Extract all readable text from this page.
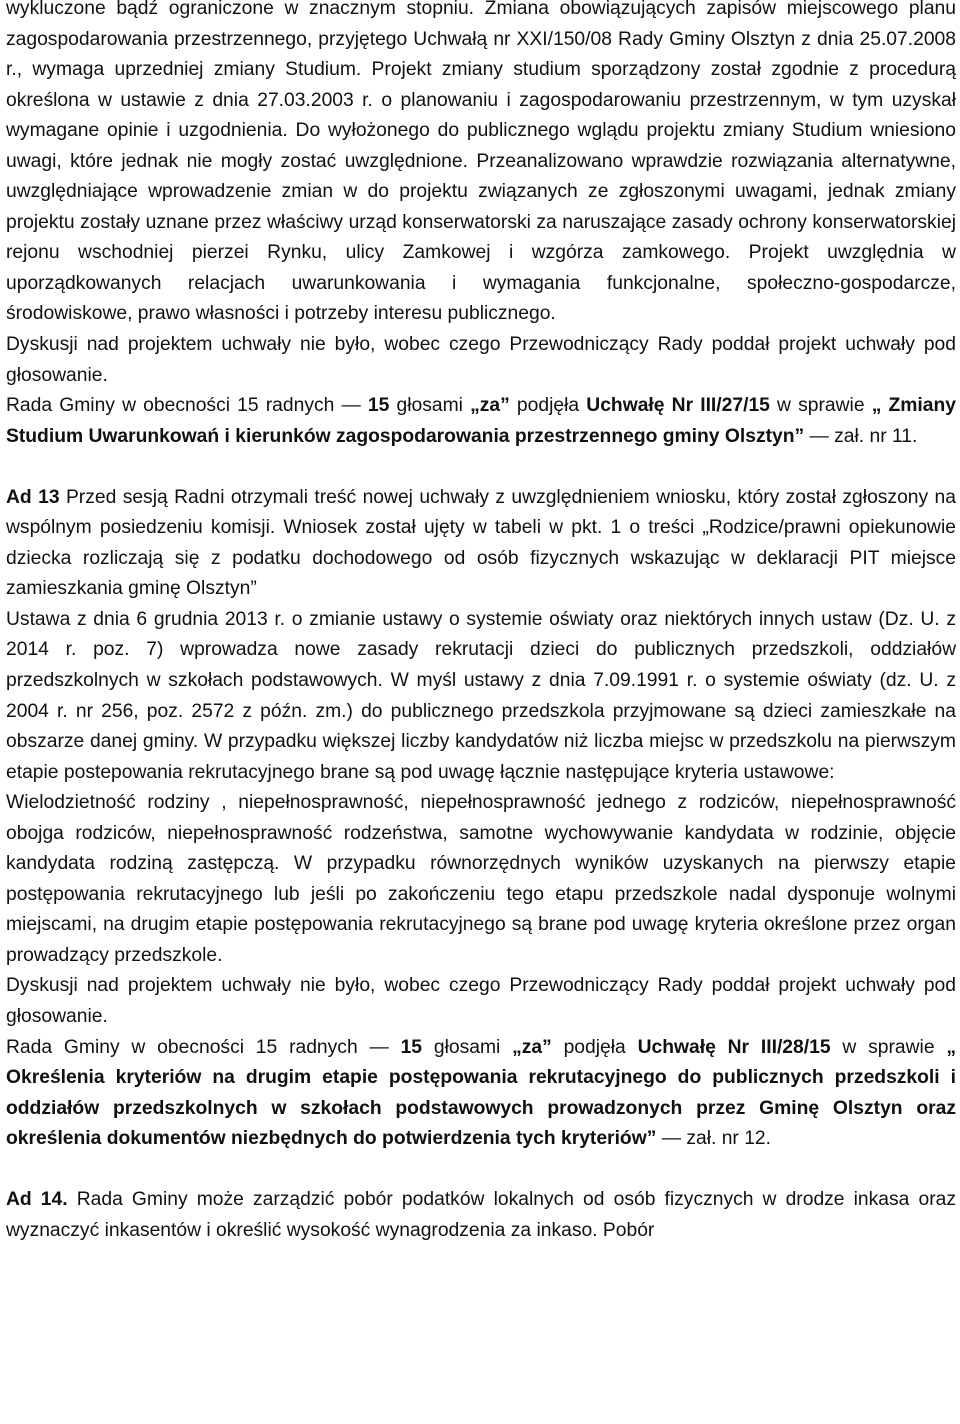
wykluczone bądź ograniczone w znacznym stopniu. Zmiana obowiązujących zapisów miejscowego planu zagospodarowania przestrzennego, przyjętego Uchwałą nr XXI/150/08 Rady Gminy Olsztyn z dnia 25.07.2008 r., wymaga uprzedniej zmiany Studium. Projekt zmiany studium sporządzony został zgodnie z procedurą określona w ustawie z dnia 27.03.2003 r. o planowaniu i zagospodarowaniu przestrzennym, w tym uzyskał wymagane opinie i uzgodnienia. Do wyłożonego do publicznego wglądu projektu zmiany Studium wniesiono uwagi, które jednak nie mogły zostać uwzględnione. Przeanalizowano wprawdzie rozwiązania alternatywne, uwzględniające wprowadzenie zmian w do projektu związanych ze zgłoszonymi uwagami, jednak zmiany projektu zostały uznane przez właściwy urząd konserwatorski za naruszające zasady ochrony konserwatorskiej rejonu wschodniej pierzei Rynku, ulicy Zamkowej i wzgórza zamkowego. Projekt uwzględnia w uporządkowanych relacjach uwarunkowania i wymagania funkcjonalne, społeczno-gospodarcze, środowiskowe, prawo własności i potrzeby interesu publicznego.

Dyskusji nad projektem uchwały nie było, wobec czego Przewodniczący Rady poddał projekt uchwały pod głosowanie.

Rada Gminy w obecności 15 radnych — 15 głosami „za” podjęła Uchwałę Nr III/27/15 w sprawie „ Zmiany Studium Uwarunkowań i kierunków zagospodarowania przestrzennego gminy Olsztyn” — zał. nr 11.

Ad 13 Przed sesją Radni otrzymali treść nowej uchwały z uwzględnieniem wniosku, który został zgłoszony na wspólnym posiedzeniu komisji. Wniosek został ujęty w tabeli w pkt. 1 o treści „Rodzice/prawni opiekunowie dziecka rozliczają się z podatku dochodowego od osób fizycznych wskazując w deklaracji PIT miejsce zamieszkania gminę Olsztyn”

Ustawa z dnia 6 grudnia 2013 r. o zmianie ustawy o systemie oświaty oraz niektórych innych ustaw (Dz. U. z 2014 r. poz. 7) wprowadza nowe zasady rekrutacji dzieci do publicznych przedszkoli, oddziałów przedszkolnych w szkołach podstawowych. W myśl ustawy z dnia 7.09.1991 r. o systemie oświaty (dz. U. z 2004 r. nr 256, poz. 2572 z późn. zm.) do publicznego przedszkola przyjmowane są dzieci zamieszkałe na obszarze danej gminy. W przypadku większej liczby kandydatów niż liczba miejsc w przedszkolu na pierwszym etapie postepowania rekrutacyjnego brane są pod uwagę łącznie następujące kryteria ustawowe:

Wielodzietność rodziny , niepełnosprawność, niepełnosprawność jednego z rodziców, niepełnosprawność obojga rodziców, niepełnosprawność rodzeństwa, samotne wychowywanie kandydata w rodzinie, objęcie kandydata rodziną zastępczą. W przypadku równorzędnych wyników uzyskanych na pierwszy etapie postępowania rekrutacyjnego lub jeśli po zakończeniu tego etapu przedszkole nadal dysponuje wolnymi miejscami, na drugim etapie postępowania rekrutacyjnego są brane pod uwagę kryteria określone przez organ prowadzący przedszkole.

Dyskusji nad projektem uchwały nie było, wobec czego Przewodniczący Rady poddał projekt uchwały pod głosowanie.

Rada Gminy w obecności 15 radnych — 15 głosami „za” podjęła Uchwałę Nr III/28/15 w sprawie „ Określenia kryteriów na drugim etapie postępowania rekrutacyjnego do publicznych przedszkoli i oddziałów przedszkolnych w szkołach podstawowych prowadzonych przez Gminę Olsztyn oraz określenia dokumentów niezbędnych do potwierdzenia tych kryteriów” — zał. nr 12.

Ad 14. Rada Gminy może zarządzić pobór podatków lokalnych od osób fizycznych w drodze inkasa oraz wyznaczyć inkasentów i określić wysokość wynagrodzenia za inkaso. Pobór
